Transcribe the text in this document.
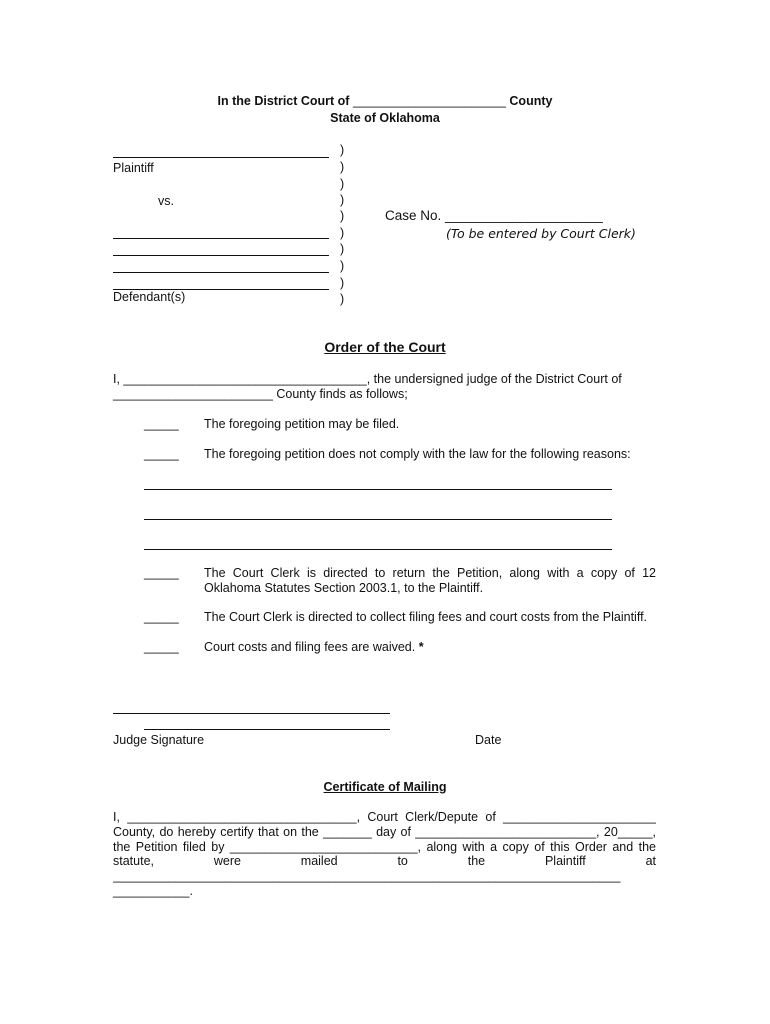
In the District Court of ______________________ County
State of Oklahoma
Plaintiff
vs.
Defendant(s)
)
)
)
)
)
)
)
)
)
)
Case No. _____________________
(To be entered by Court Clerk)
Order of the Court
I, ___________________________________, the undersigned judge of the District Court of
_______________________ County finds as follows;
_____ The foregoing petition may be filed.
_____ The foregoing petition does not comply with the law for the following reasons:
_____ The Court Clerk is directed to return the Petition, along with a copy of 12 Oklahoma Statutes Section 2003.1, to the Plaintiff.
_____ The Court Clerk is directed to collect filing fees and court costs from the Plaintiff.
_____ Court costs and filing fees are waived. *
Judge Signature	Date
Certificate of Mailing
I, _________________________________, Court Clerk/Depute of ______________________
County, do hereby certify that on the _______ day of __________________________, 20_____,
the Petition filed by ___________________________, along with a copy of this Order and the
statute, were mailed to the Plaintiff at
_________________________________________________________________________
___________.
